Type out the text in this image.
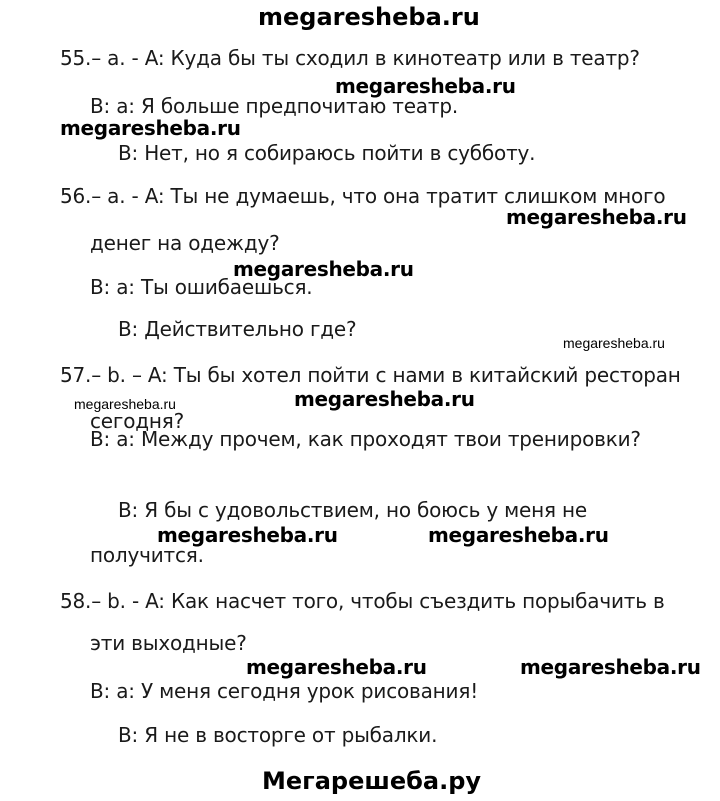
megaresheba.ru
55.– a. - A: Куда бы ты сходил в кинотеатр или в театр?
megaresheba.ru
B: a: Я больше предпочитаю театр.
megaresheba.ru
B: Нет, но я собираюсь пойти в субботу.
56.– a. - A: Ты не думаешь, что она тратит слишком много
megaresheba.ru
денег на одежду?
megaresheba.ru
B: a: Ты ошибаешься.
B: Действительно где?
megaresheba.ru
57.– b. – A: Ты бы хотел пойти с нами в китайский ресторан
megaresheba.ru	megaresheba.ru
сегодня?
B: a: Между прочем, как проходят твои тренировки?
B: Я бы с удовольствием, но боюсь у меня не
megaresheba.ru	megaresheba.ru
получится.
58.– b. - A: Как насчет того, чтобы съездить порыбачить в
эти выходные?
megaresheba.ru	megaresheba.ru
B: a: У меня сегодня урок рисования!
B: Я не в восторге от рыбалки.
Мегарешеба.ру
